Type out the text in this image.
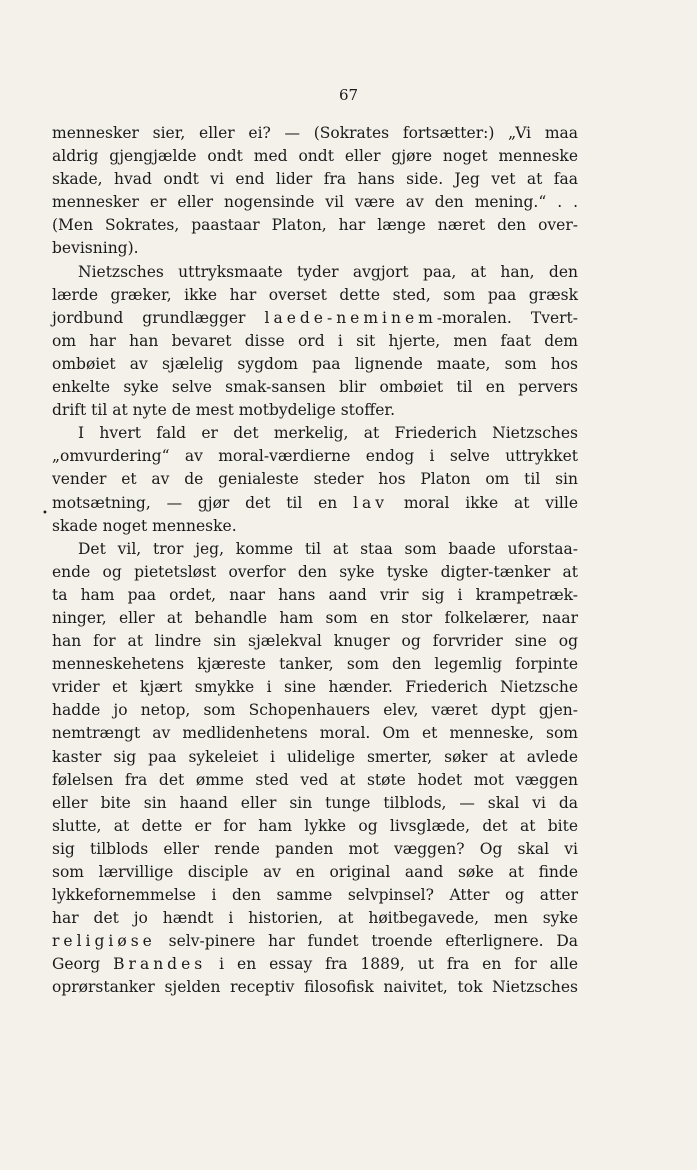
67
•
mennesker sier, eller ei? — (Sokrates fortsætter:) „Vi maa
aldrig gjengjælde ondt med ondt eller gjøre noget menneske
skade, hvad ondt vi end lider fra hans side. Jeg vet at faa
mennesker er eller nogensinde vil være av den mening.“ . .
(Men Sokrates, paastaar Platon, har længe næret den over-
bevisning).
Nietzsches uttryksmaate tyder avgjort paa, at han, den
lærde græker, ikke har overset dette sted, som paa græsk
jordbund grundlægger laede-neminem-moralen. Tvert-
om har han bevaret disse ord i sit hjerte, men faat dem
ombøiet av sjælelig sygdom paa lignende maate, som hos
enkelte syke selve smak-sansen blir ombøiet til en pervers
drift til at nyte de mest motbydelige stoffer.
I hvert fald er det merkelig, at Friederich Nietzsches
„omvurdering“ av moral-værdierne endog i selve uttrykket
vender et av de genialeste steder hos Platon om til sin
motsætning, — gjør det til en lav moral ikke at ville
skade noget menneske.
Det vil, tror jeg, komme til at staa som baade uforstaa-
ende og pietetsløst overfor den syke tyske digter-tænker at
ta ham paa ordet, naar hans aand vrir sig i krampetræk-
ninger, eller at behandle ham som en stor folkelærer, naar
han for at lindre sin sjælekval knuger og forvrider sine og
menneskehetens kjæreste tanker, som den legemlig forpinte
vrider et kjært smykke i sine hænder. Friederich Nietzsche
hadde jo netop, som Schopenhauers elev, været dypt gjen-
nemtrængt av medlidenhetens moral. Om et menneske, som
kaster sig paa sykeleiet i ulidelige smerter, søker at avlede
følelsen fra det ømme sted ved at støte hodet mot væggen
eller bite sin haand eller sin tunge tilblods, — skal vi da
slutte, at dette er for ham lykke og livsglæde, det at bite
sig tilblods eller rende panden mot væggen? Og skal vi
som lærvillige disciple av en original aand søke at finde
lykkefornemmelse i den samme selvpinsel? Atter og atter
har det jo hændt i historien, at høitbegavede, men syke
religiøse selv-pinere har fundet troende efterlignere. Da
Georg Brandes i en essay fra 1889, ut fra en for alle
oprørstanker sjelden receptiv filosofisk naivitet, tok Nietzsches
